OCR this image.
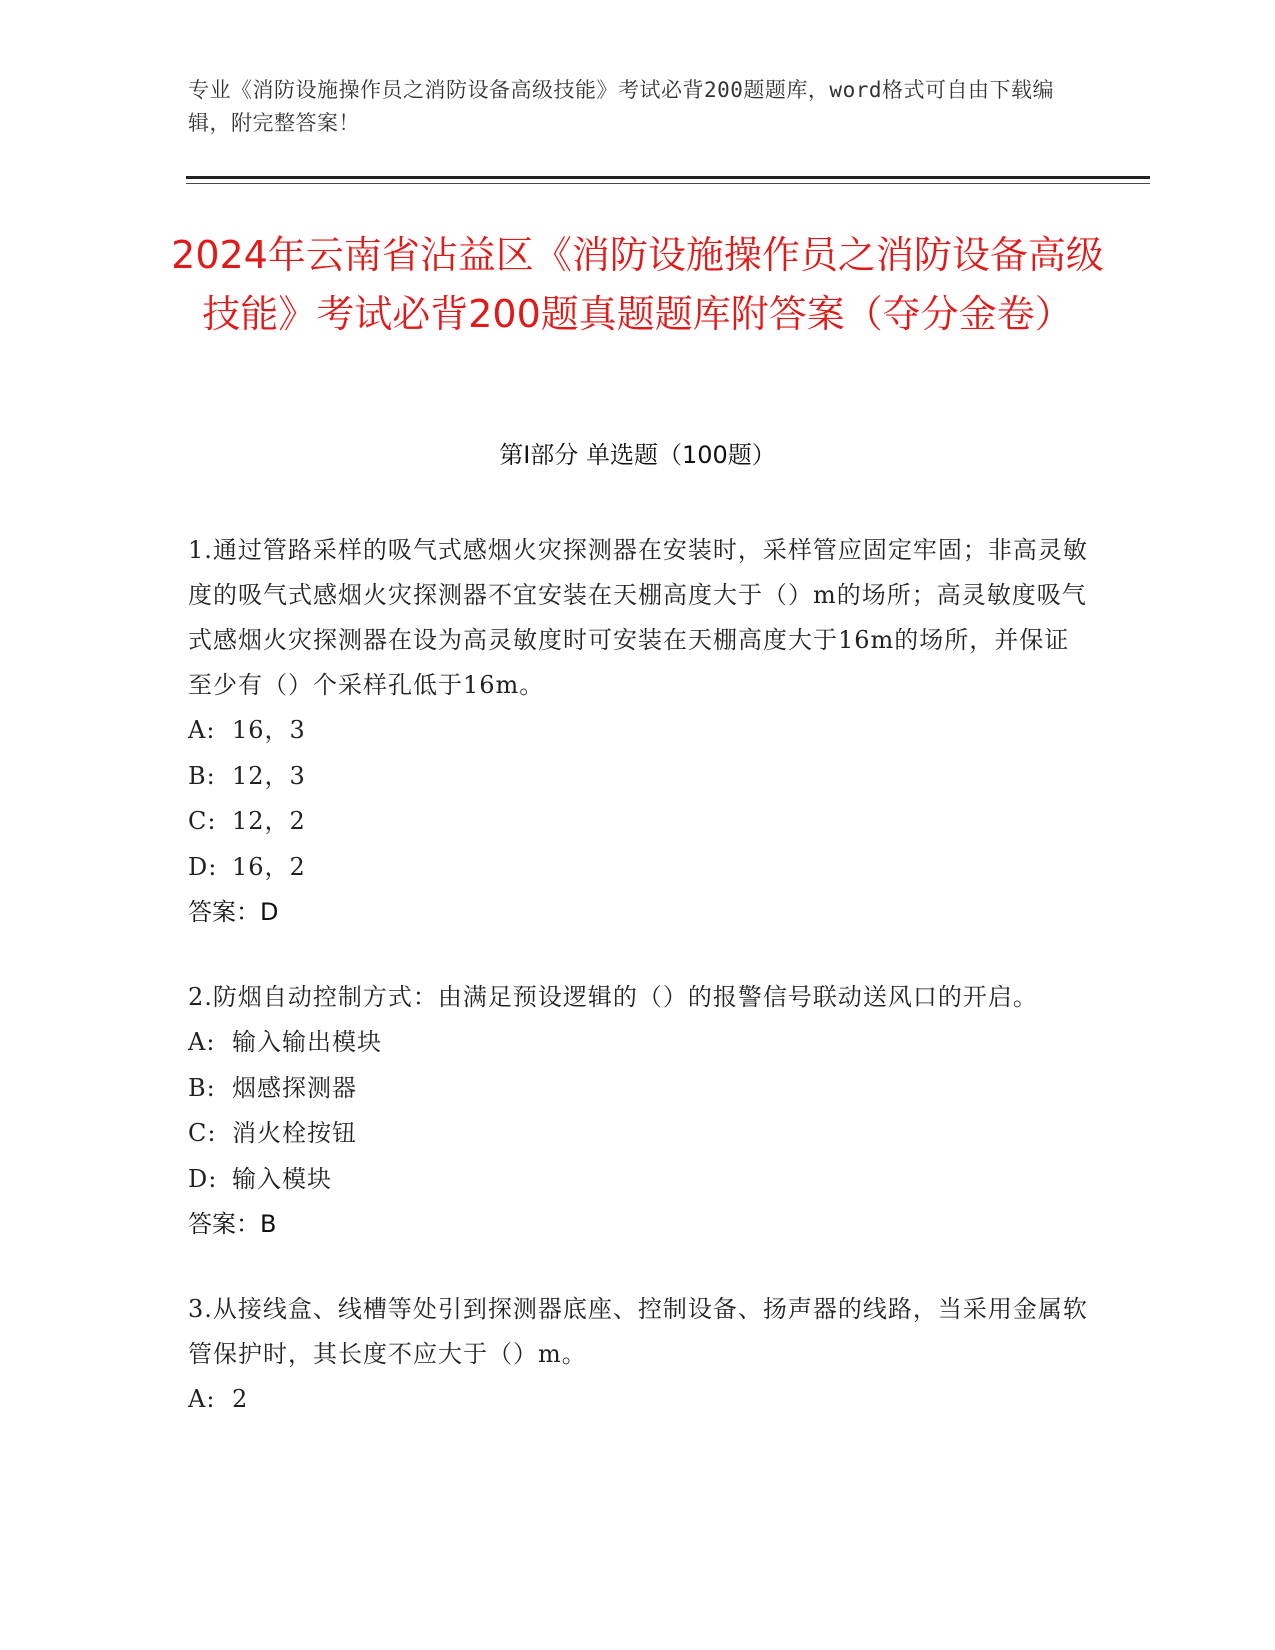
专业《消防设施操作员之消防设备高级技能》考试必背200题题库，word格式可自由下载编辑，附完整答案！
2024年云南省沾益区《消防设施操作员之消防设备高级技能》考试必背200题真题题库附答案（夺分金卷）
第I部分 单选题（100题）

1.通过管路采样的吸气式感烟火灾探测器在安装时，采样管应固定牢固；非高灵敏度的吸气式感烟火灾探测器不宜安装在天棚高度大于（）m的场所；高灵敏度吸气式感烟火灾探测器在设为高灵敏度时可安装在天棚高度大于16m的场所，并保证至少有（）个采样孔低于16m。

A: 16，3

B: 12，3

C: 12，2

D: 16，2

答案：D

2.防烟自动控制方式：由满足预设逻辑的（）的报警信号联动送风口的开启。

A: 输入输出模块

B: 烟感探测器

C: 消火栓按钮

D: 输入模块

答案：B

3.从接线盒、线槽等处引到探测器底座、控制设备、扬声器的线路，当采用金属软管保护时，其长度不应大于（）m。

A: 2
